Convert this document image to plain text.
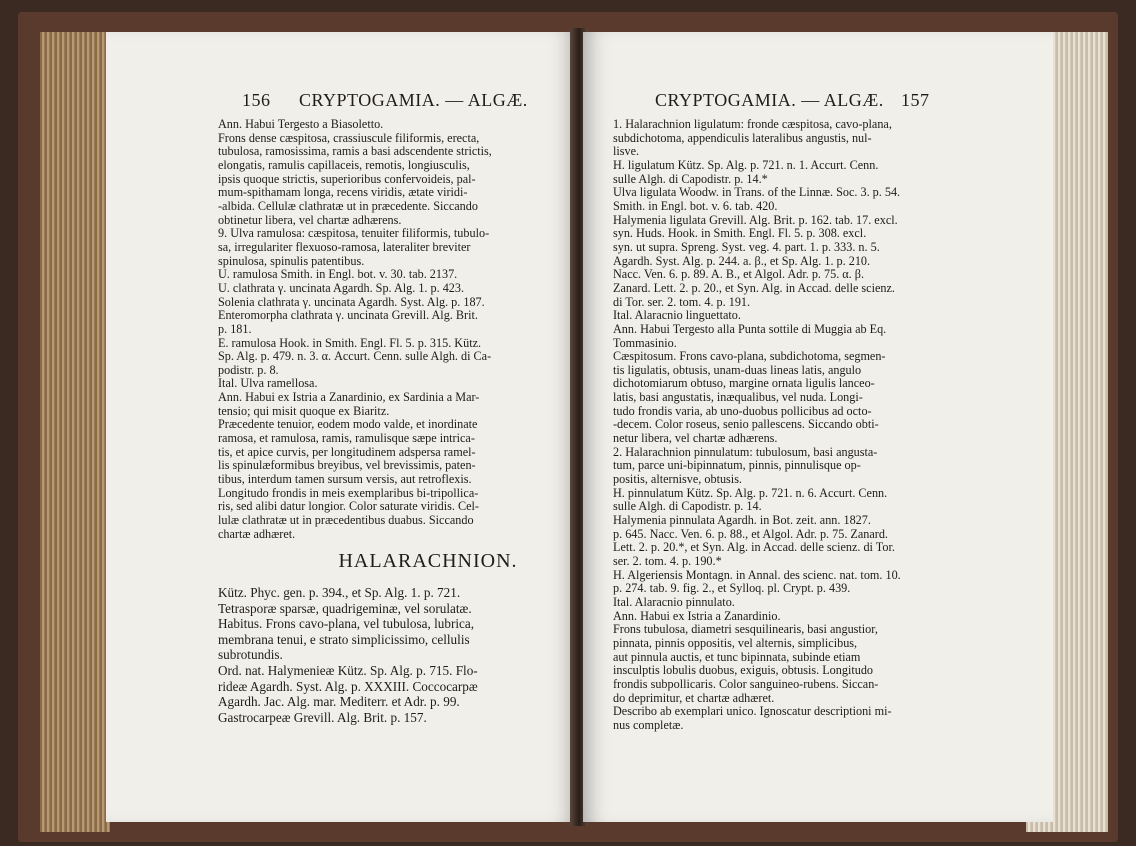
156 CRYPTOGAMIA. — ALGÆ.
Ann. Habui Tergesto a Biasoletto.
Frons dense cæspitosa, crassiuscule filiformis, erecta,
tubulosa, ramosissima, ramis a basi adscendente strictis,
elongatis, ramulis capillaceis, remotis, longiusculis,
ipsis quoque strictis, superioribus confervoideis, pal-
mum-spithamam longa, recens viridis, ætate viridi-
-albida. Cellulæ clathratæ ut in præcedente. Siccando
obtinetur libera, vel chartæ adhærens.
9. Ulva ramulosa: cæspitosa, tenuiter filiformis, tubulo-
sa, irregulariter flexuoso-ramosa, lateraliter breviter
spinulosa, spinulis patentibus.
U. ramulosa Smith. in Engl. bot. v. 30. tab. 2137.
U. clathrata γ. uncinata Agardh. Sp. Alg. 1. p. 423.
Solenia clathrata γ. uncinata Agardh. Syst. Alg. p. 187.
Enteromorpha clathrata γ. uncinata Grevill. Alg. Brit.
p. 181.
E. ramulosa Hook. in Smith. Engl. Fl. 5. p. 315. Kütz.
Sp. Alg. p. 479. n. 3. α. Accurt. Cenn. sulle Algh. di Ca-
podistr. p. 8.
Ital. Ulva ramellosa.
Ann. Habui ex Istria a Zanardinio, ex Sardinia a Mar-
tensio; qui misit quoque ex Biaritz.
Præcedente tenuior, eodem modo valde, et inordinate
ramosa, et ramulosa, ramis, ramulisque sæpe intrica-
tis, et apice curvis, per longitudinem adspersa ramel-
lis spinulæformibus breyibus, vel brevissimis, paten-
tibus, interdum tamen sursum versis, aut retroflexis.
Longitudo frondis in meis exemplaribus bi-tripollica-
ris, sed alibi datur longior. Color saturate viridis. Cel-
lulæ clathratæ ut in præcedentibus duabus. Siccando
chartæ adhæret.
HALARACHNION.
Kütz. Phyc. gen. p. 394., et Sp. Alg. 1. p. 721.
Tetrasporæ sparsæ, quadrigeminæ, vel sorulatæ.
Habitus. Frons cavo-plana, vel tubulosa, lubrica,
membrana tenui, e strato simplicissimo, cellulis
subrotundis.
Ord. nat. Halymenieæ Kütz. Sp. Alg. p. 715. Flo-
rideæ Agardh. Syst. Alg. p. XXXIII. Coccocarpæ
Agardh. Jac. Alg. mar. Mediterr. et Adr. p. 99.
Gastrocarpeæ Grevill. Alg. Brit. p. 157.
CRYPTOGAMIA. — ALGÆ. 157
1. Halarachnion ligulatum: fronde cæspitosa, cavo-plana,
subdichotoma, appendiculis lateralibus angustis, nul-
lisve.
H. ligulatum Kütz. Sp. Alg. p. 721. n. 1. Accurt. Cenn.
sulle Algh. di Capodistr. p. 14.*
Ulva ligulata Woodw. in Trans. of the Linnæ. Soc. 3. p. 54.
Smith. in Engl. bot. v. 6. tab. 420.
Halymenia ligulata Grevill. Alg. Brit. p. 162. tab. 17. excl.
syn. Huds. Hook. in Smith. Engl. Fl. 5. p. 308. excl.
syn. ut supra. Spreng. Syst. veg. 4. part. 1. p. 333. n. 5.
Agardh. Syst. Alg. p. 244. a. β., et Sp. Alg. 1. p. 210.
Nacc. Ven. 6. p. 89. A. B., et Algol. Adr. p. 75. α. β.
Zanard. Lett. 2. p. 20., et Syn. Alg. in Accad. delle scienz.
di Tor. ser. 2. tom. 4. p. 191.
Ital. Alaracnio linguettato.
Ann. Habui Tergesto alla Punta sottile di Muggia ab Eq.
Tommasinio.
Cæspitosum. Frons cavo-plana, subdichotoma, segmen-
tis ligulatis, obtusis, unam-duas lineas latis, angulo
dichotomiarum obtuso, margine ornata ligulis lanceo-
latis, basi angustatis, inæqualibus, vel nuda. Longi-
tudo frondis varia, ab uno-duobus pollicibus ad octo-
-decem. Color roseus, senio pallescens. Siccando obti-
netur libera, vel chartæ adhærens.
2. Halarachnion pinnulatum: tubulosum, basi angusta-
tum, parce uni-bipinnatum, pinnis, pinnulisque op-
positis, alternisve, obtusis.
H. pinnulatum Kütz. Sp. Alg. p. 721. n. 6. Accurt. Cenn.
sulle Algh. di Capodistr. p. 14.
Halymenia pinnulata Agardh. in Bot. zeit. ann. 1827.
p. 645. Nacc. Ven. 6. p. 88., et Algol. Adr. p. 75. Zanard.
Lett. 2. p. 20.*, et Syn. Alg. in Accad. delle scienz. di Tor.
ser. 2. tom. 4. p. 190.*
H. Algeriensis Montagn. in Annal. des scienc. nat. tom. 10.
p. 274. tab. 9. fig. 2., et Sylloq. pl. Crypt. p. 439.
Ital. Alaracnio pinnulato.
Ann. Habui ex Istria a Zanardinio.
Frons tubulosa, diametri sesquilinearis, basi angustior,
pinnata, pinnis oppositis, vel alternis, simplicibus,
aut pinnula auctis, et tunc bipinnata, subinde etiam
insculptis lobulis duobus, exiguis, obtusis. Longitudo
frondis subpollicaris. Color sanguineo-rubens. Siccan-
do deprimitur, et chartæ adhæret.
Describo ab exemplari unico. Ignoscatur descriptioni mi-
nus completæ.
